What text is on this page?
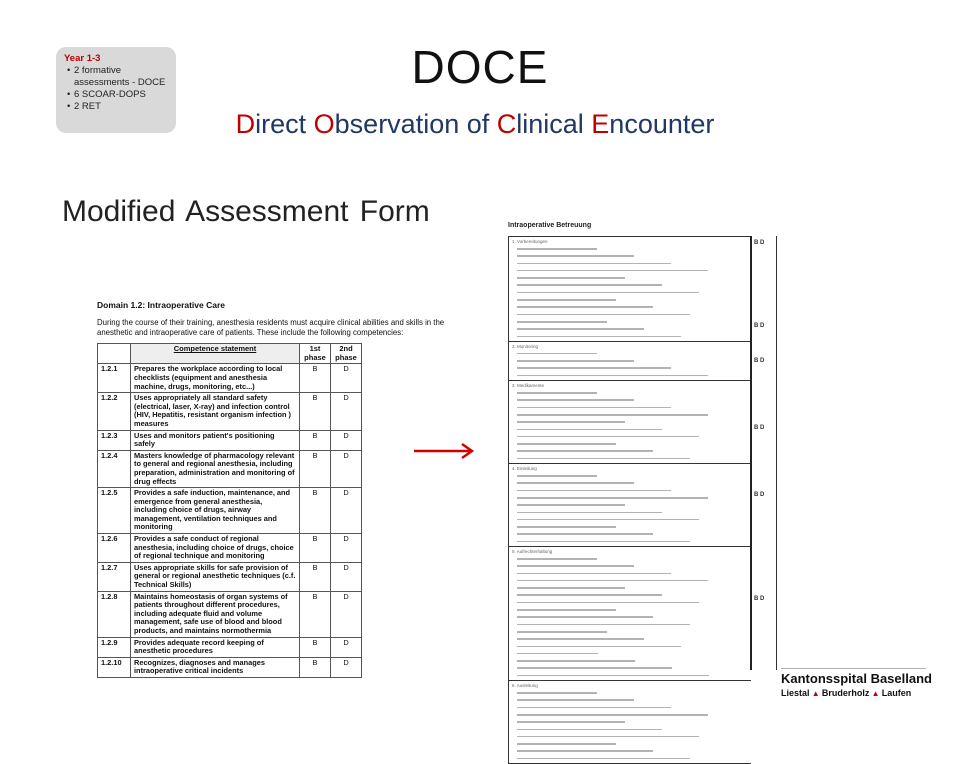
Year 1-3
• 2 formative assessments - DOCE
• 6 SCOAR-DOPS
• 2 RET
DOCE
Direct Observation of Clinical Encounter
Modified Assessment Form
Domain 1.2: Intraoperative Care
During the course of their training, anesthesia residents must acquire clinical abilities and skills in the anesthetic and intraoperative care of patients. These include the following competencies:
	Competence statement	1st phase	2nd phase
1.2.1	Prepares the workplace according to local checklists (equipment and anesthesia machine, drugs, monitoring, etc...)	B	D
1.2.2	Uses appropriately all standard safety (electrical, laser, X-ray) and infection control (HIV, Hepatitis, resistant organism infection ) measures	B	D
1.2.3	Uses and monitors patient's positioning safely	B	D
1.2.4	Masters knowledge of pharmacology relevant to general and regional anesthesia, including preparation, administration and monitoring of drug effects	B	D
1.2.5	Provides a safe induction, maintenance, and emergence from general anesthesia, including choice of drugs, airway management, ventilation techniques and monitoring	B	D
1.2.6	Provides a safe conduct of regional anesthesia, including choice of drugs, choice of regional technique and monitoring	B	D
1.2.7	Uses appropriate skills for safe provision of general or regional anesthetic techniques (c.f. Technical Skills)	B	D
1.2.8	Maintains homeostasis of organ systems of patients throughout different procedures, including adequate fluid and volume management, safe use of blood and blood products, and maintains normothermia	B	D
1.2.9	Provides adequate record keeping of anesthetic procedures	B	D
1.2.10	Recognizes, diagnoses and manages intraoperative critical incidents	B	D
Intraoperative Betreuung
1. Vorbereitungen
2. Monitoring
3. Medikamente
4. Einleitung
5. Aufrechterhaltung
6. Ausleitung
B D
B D
B D
B D
B D
B D
Kantonsspital Baselland
Liestal ▲ Bruderholz ▲ Laufen
